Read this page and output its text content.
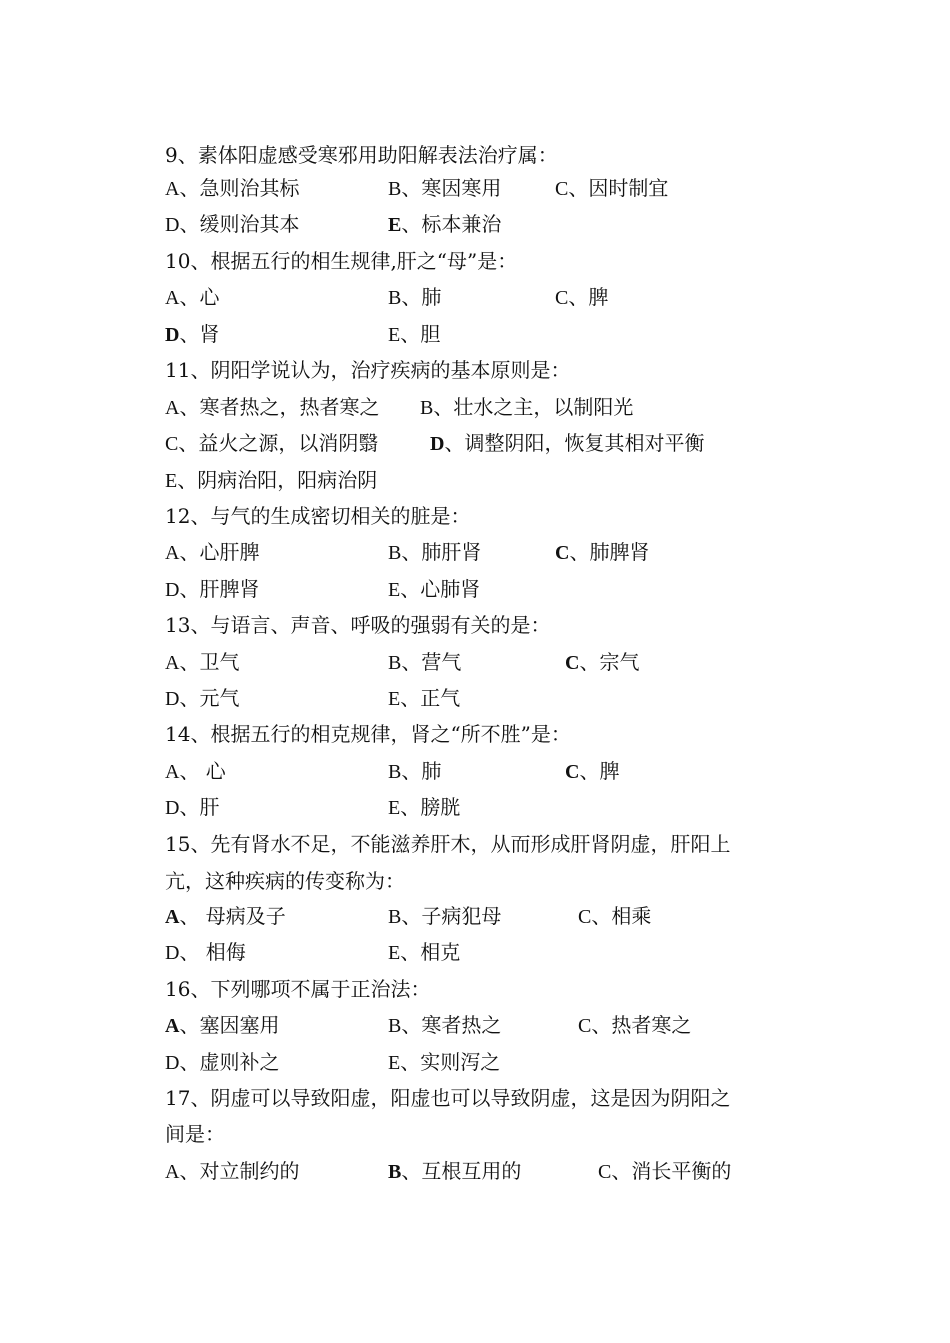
9、素体阳虚感受寒邪用助阳解表法治疗属：
A、急则治其标	B、寒因寒用	C、因时制宜
D、缓则治其本	E、标本兼治
10、根据五行的相生规律,肝之“母”是：
A、心	B、肺	C、脾
D、肾	E、胆
11、阴阳学说认为，治疗疾病的基本原则是：
A、寒者热之，热者寒之 B、壮水之主，以制阳光
C、益火之源，以消阴翳	D、调整阴阳，恢复其相对平衡
E、阴病治阳，阳病治阴
12、与气的生成密切相关的脏是：
A、心肝脾	B、肺肝肾	C、肺脾肾
D、肝脾肾	E、心肺肾
13、与语言、声音、呼吸的强弱有关的是：
A、卫气	B、营气	C、宗气
D、元气	E、正气
14、根据五行的相克规律，肾之“所不胜”是：
A、 心	B、肺	C、脾
D、肝	E、膀胱
15、先有肾水不足，不能滋养肝木，从而形成肝肾阴虚，肝阳上
亢，这种疾病的传变称为：
A、 母病及子	B、子病犯母	C、相乘
D、 相侮	E、相克
16、下列哪项不属于正治法：
A、塞因塞用	B、寒者热之	C、热者寒之
D、虚则补之	E、实则泻之
17、阴虚可以导致阳虚，阳虚也可以导致阴虚，这是因为阴阳之
间是：
A、对立制约的	B、互根互用的	C、消长平衡的
